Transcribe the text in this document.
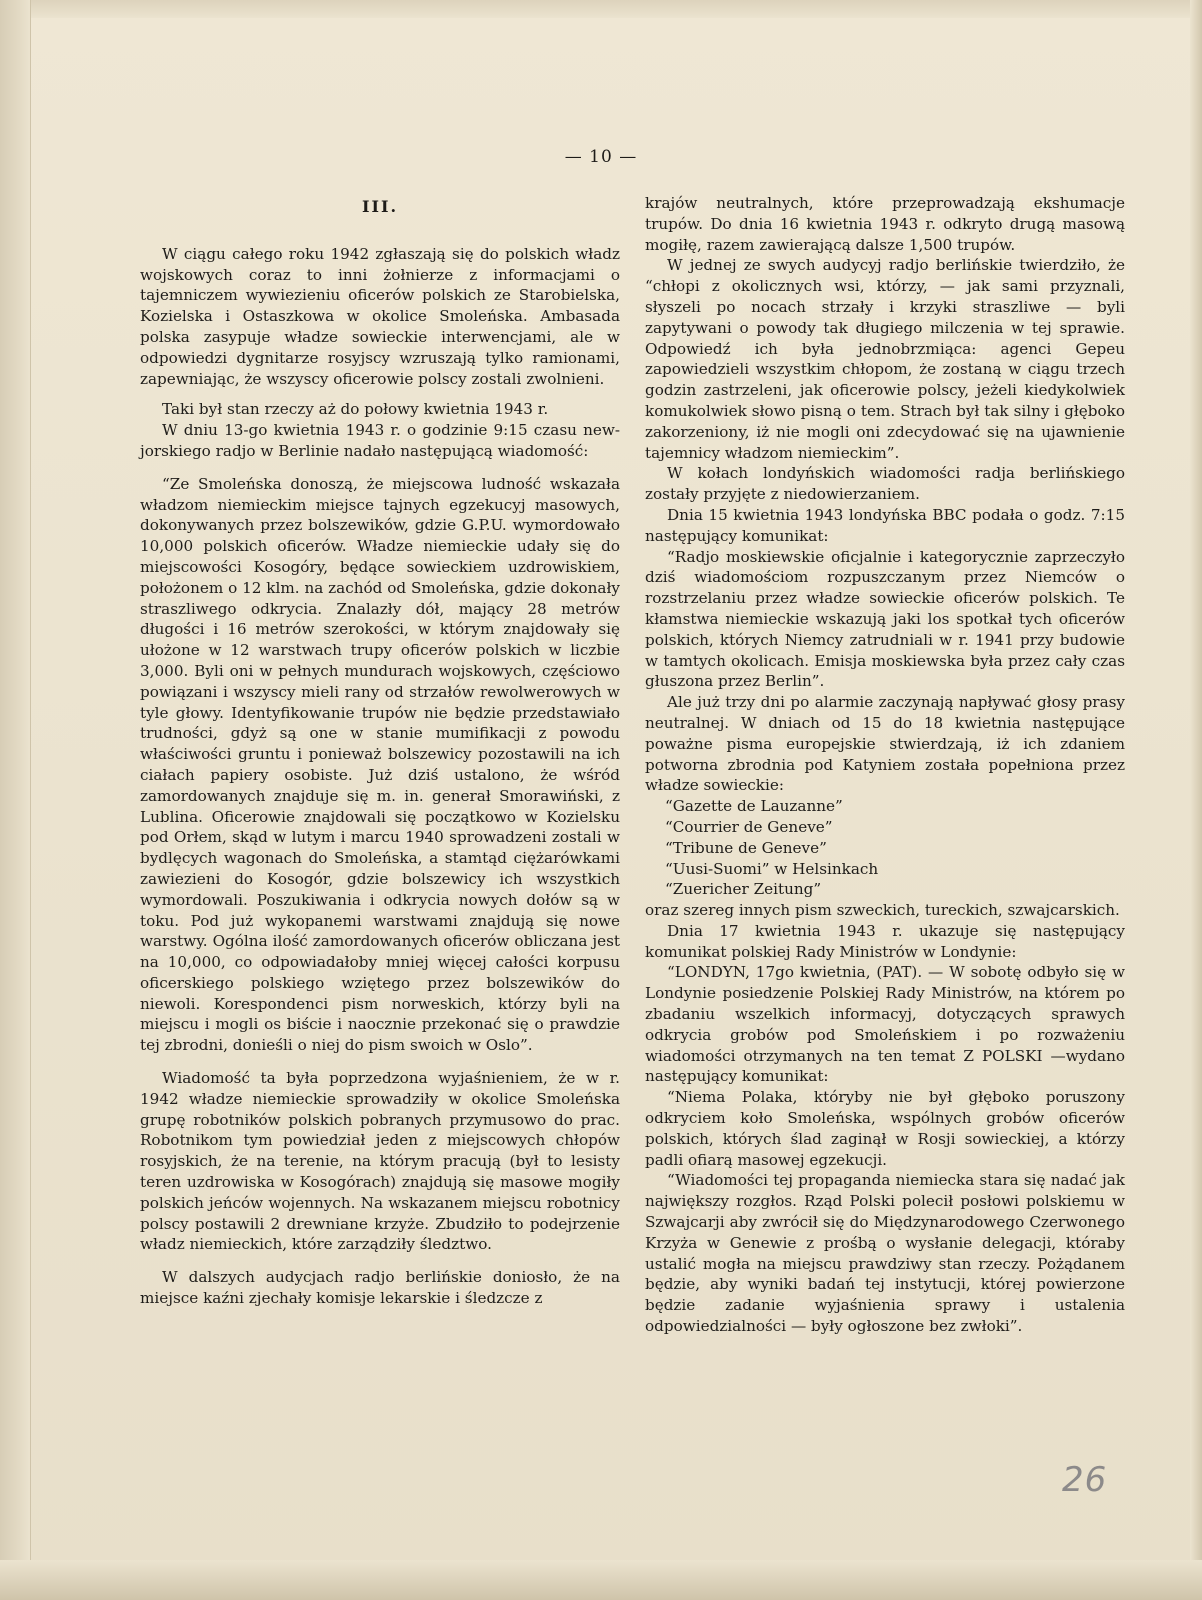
— 10 —
III.

W ciągu całego roku 1942 zgłaszają się do polskich władz wojskowych coraz to inni żołnierze z informacjami o tajemniczem wywiezieniu oficerów polskich ze Starobielska, Kozielska i Ostaszkowa w okolice Smoleńska. Ambasada polska zasypuje władze sowieckie interwencjami, ale w odpowiedzi dygnitarze rosyjscy wzruszają tylko ramionami, zapewniając, że wszyscy oficerowie polscy zostali zwolnieni.

Taki był stan rzeczy aż do połowy kwietnia 1943 r.

W dniu 13-go kwietnia 1943 r. o godzinie 9:15 czasu new-jorskiego radjo w Berlinie nadało następującą wiadomość:

“Ze Smoleńska donoszą, że miejscowa ludność wskazała władzom niemieckim miejsce tajnych egzekucyj masowych, dokonywanych przez bolszewików, gdzie G.P.U. wymordowało 10,000 polskich oficerów. Władze niemieckie udały się do miejscowości Kosogóry, będące sowieckiem uzdrowiskiem, położonem o 12 klm. na zachód od Smoleńska, gdzie dokonały straszliwego odkrycia. Znalazły dół, mający 28 metrów długości i 16 metrów szerokości, w którym znajdowały się ułożone w 12 warstwach trupy oficerów polskich w liczbie 3,000. Byli oni w pełnych mundurach wojskowych, częściowo powiązani i wszyscy mieli rany od strzałów rewolwerowych w tyle głowy. Identyfikowanie trupów nie będzie przedstawiało trudności, gdyż są one w stanie mumifikacji z powodu właściwości gruntu i ponieważ bolszewicy pozostawili na ich ciałach papiery osobiste. Już dziś ustalono, że wśród zamordowanych znajduje się m. in. generał Smorawiński, z Lublina. Oficerowie znajdowali się początkowo w Kozielsku pod Orłem, skąd w lutym i marcu 1940 sprowadzeni zostali w bydlęcych wagonach do Smoleńska, a stamtąd ciężarówkami zawiezieni do Kosogór, gdzie bolszewicy ich wszystkich wymordowali. Poszukiwania i odkrycia nowych dołów są w toku. Pod już wykopanemi warstwami znajdują się nowe warstwy. Ogólna ilość zamordowanych oficerów obliczana jest na 10,000, co odpowiadałoby mniej więcej całości korpusu oficerskiego polskiego wziętego przez bolszewików do niewoli. Korespondenci pism norweskich, którzy byli na miejscu i mogli os biście i naocznie przekonać się o prawdzie tej zbrodni, donieśli o niej do pism swoich w Oslo”.

Wiadomość ta była poprzedzona wyjaśnieniem, że w r. 1942 władze niemieckie sprowadziły w okolice Smoleńska grupę robotników polskich pobranych przymusowo do prac. Robotnikom tym powiedział jeden z miejscowych chłopów rosyjskich, że na terenie, na którym pracują (był to lesisty teren uzdrowiska w Kosogórach) znajdują się masowe mogiły polskich jeńców wojennych. Na wskazanem miejscu robotnicy polscy postawili 2 drewniane krzyże. Zbudziło to podejrzenie władz niemieckich, które zarządziły śledztwo.

W dalszych audycjach radjo berlińskie doniosło, że na miejsce kaźni zjechały komisje lekarskie i śledzcze z

krajów neutralnych, które przeprowadzają ekshumacje trupów. Do dnia 16 kwietnia 1943 r. odkryto drugą masową mogiłę, razem zawierającą dalsze 1,500 trupów.

W jednej ze swych audycyj radjo berlińskie twierdziło, że “chłopi z okolicznych wsi, którzy, — jak sami przyznali, słyszeli po nocach strzały i krzyki straszliwe — byli zapytywani o powody tak długiego milczenia w tej sprawie. Odpowiedź ich była jednobrzmiąca: agenci Gepeu zapowiedzieli wszystkim chłopom, że zostaną w ciągu trzech godzin zastrzeleni, jak oficerowie polscy, jeżeli kiedykolwiek komukolwiek słowo pisną o tem. Strach był tak silny i głęboko zakorzeniony, iż nie mogli oni zdecydować się na ujawnienie tajemnicy władzom niemieckim”.

W kołach londyńskich wiadomości radja berlińskiego zostały przyjęte z niedowierzaniem.

Dnia 15 kwietnia 1943 londyńska BBC podała o godz. 7:15 następujący komunikat:

“Radjo moskiewskie oficjalnie i kategorycznie zaprzeczyło dziś wiadomościom rozpuszczanym przez Niemców o rozstrzelaniu przez władze sowieckie oficerów polskich. Te kłamstwa niemieckie wskazują jaki los spotkał tych oficerów polskich, których Niemcy zatrudniali w r. 1941 przy budowie w tamtych okolicach. Emisja moskiewska była przez cały czas głuszona przez Berlin”.

Ale już trzy dni po alarmie zaczynają napływać głosy prasy neutralnej. W dniach od 15 do 18 kwietnia następujące poważne pisma europejskie stwierdzają, iż ich zdaniem potworna zbrodnia pod Katyniem została popełniona przez władze sowieckie:

“Gazette de Lauzanne”
“Courrier de Geneve”
“Tribune de Geneve”
“Uusi-Suomi” w Helsinkach
“Zuericher Zeitung”

oraz szereg innych pism szweckich, tureckich, szwajcarskich.

Dnia 17 kwietnia 1943 r. ukazuje się następujący komunikat polskiej Rady Ministrów w Londynie:

“LONDYN, 17go kwietnia, (PAT). — W sobotę odbyło się w Londynie posiedzenie Polskiej Rady Ministrów, na którem po zbadaniu wszelkich informacyj, dotyczących sprawych odkrycia grobów pod Smoleńskiem i po rozważeniu wiadomości otrzymanych na ten temat Z POLSKI —wydano następujący komunikat:

“Niema Polaka, któryby nie był głęboko poruszony odkryciem koło Smoleńska, wspólnych grobów oficerów polskich, których ślad zaginął w Rosji sowieckiej, a którzy padli ofiarą masowej egzekucji.

“Wiadomości tej propaganda niemiecka stara się nadać jak największy rozgłos. Rząd Polski polecił posłowi polskiemu w Szwajcarji aby zwrócił się do Międzynarodowego Czerwonego Krzyża w Genewie z prośbą o wysłanie delegacji, któraby ustalić mogła na miejscu prawdziwy stan rzeczy. Pożądanem będzie, aby wyniki badań tej instytucji, której powierzone będzie zadanie wyjaśnienia sprawy i ustalenia odpowiedzialności — były ogłoszone bez zwłoki”.

26
